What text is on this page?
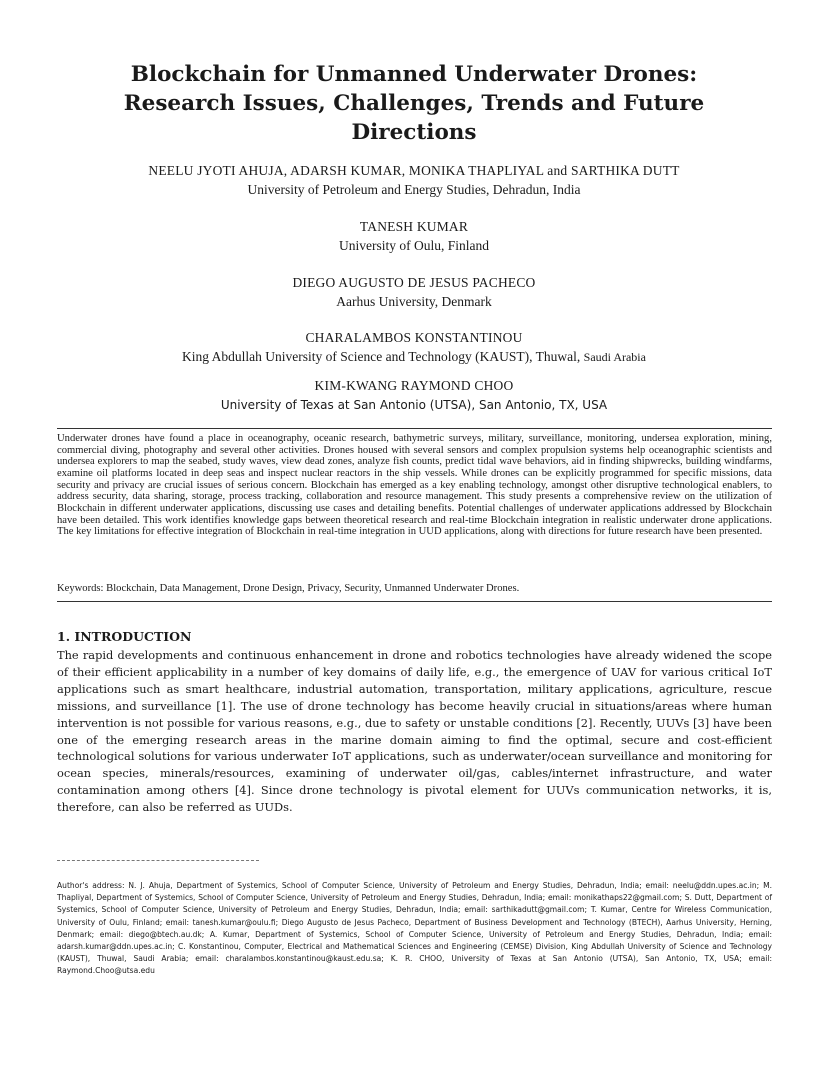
Blockchain for Unmanned Underwater Drones:
Research Issues, Challenges, Trends and Future
Directions
NEELU JYOTI AHUJA, ADARSH KUMAR, MONIKA THAPLIYAL and SARTHIKA DUTT
University of Petroleum and Energy Studies, Dehradun, India
TANESH KUMAR
University of Oulu, Finland
DIEGO AUGUSTO DE JESUS PACHECO
Aarhus University, Denmark
CHARALAMBOS KONSTANTINOU
King Abdullah University of Science and Technology (KAUST), Thuwal, Saudi Arabia
KIM-KWANG RAYMOND CHOO
University of Texas at San Antonio (UTSA), San Antonio, TX, USA

Underwater drones have found a place in oceanography, oceanic research, bathymetric surveys, military, surveillance, monitoring, undersea exploration, mining, commercial diving, photography and several other activities. Drones housed with several sensors and complex propulsion systems help oceanographic scientists and undersea explorers to map the seabed, study waves, view dead zones, analyze fish counts, predict tidal wave behaviors, aid in finding shipwrecks, building windfarms, examine oil platforms located in deep seas and inspect nuclear reactors in the ship vessels. While drones can be explicitly programmed for specific missions, data security and privacy are crucial issues of serious concern. Blockchain has emerged as a key enabling technology, amongst other disruptive technological enablers, to address security, data sharing, storage, process tracking, collaboration and resource management. This study presents a comprehensive review on the utilization of Blockchain in different underwater applications, discussing use cases and detailing benefits. Potential challenges of underwater applications addressed by Blockchain have been detailed. This work identifies knowledge gaps between theoretical research and real-time Blockchain integration in realistic underwater drone applications. The key limitations for effective integration of Blockchain in real-time integration in UUD applications, along with directions for future research have been presented.

Keywords: Blockchain, Data Management, Drone Design, Privacy, Security, Unmanned Underwater Drones.

1. INTRODUCTION

The rapid developments and continuous enhancement in drone and robotics technologies have already widened the scope of their efficient applicability in a number of key domains of daily life, e.g., the emergence of UAV for various critical IoT applications such as smart healthcare, industrial automation, transportation, military applications, agriculture, rescue missions, and surveillance [1]. The use of drone technology has become heavily crucial in situations/areas where human intervention is not possible for various reasons, e.g., due to safety or unstable conditions [2]. Recently, UUVs [3] have been one of the emerging research areas in the marine domain aiming to find the optimal, secure and cost-efficient technological solutions for various underwater IoT applications, such as underwater/ocean surveillance and monitoring for ocean species, minerals/resources, examining of underwater oil/gas, cables/internet infrastructure, and water contamination among others [4]. Since drone technology is pivotal element for UUVs communication networks, it is, therefore, can also be referred as UUDs.

Author's address: N. J. Ahuja, Department of Systemics, School of Computer Science, University of Petroleum and Energy Studies, Dehradun, India; email: neelu@ddn.upes.ac.in; M. Thapliyal, Department of Systemics, School of Computer Science, University of Petroleum and Energy Studies, Dehradun, India; email: monikathaps22@gmail.com; S. Dutt, Department of Systemics, School of Computer Science, University of Petroleum and Energy Studies, Dehradun, India; email: sarthikadutt@gmail.com; T. Kumar, Centre for Wireless Communication, University of Oulu, Finland; email: tanesh.kumar@oulu.fi; Diego Augusto de Jesus Pacheco, Department of Business Development and Technology (BTECH), Aarhus University, Herning, Denmark; email: diego@btech.au.dk; A. Kumar, Department of Systemics, School of Computer Science, University of Petroleum and Energy Studies, Dehradun, India; email: adarsh.kumar@ddn.upes.ac.in; C. Konstantinou, Computer, Electrical and Mathematical Sciences and Engineering (CEMSE) Division, King Abdullah University of Science and Technology (KAUST), Thuwal, Saudi Arabia; email: charalambos.konstantinou@kaust.edu.sa; K. R. CHOO, University of Texas at San Antonio (UTSA), San Antonio, TX, USA; email: Raymond.Choo@utsa.edu
